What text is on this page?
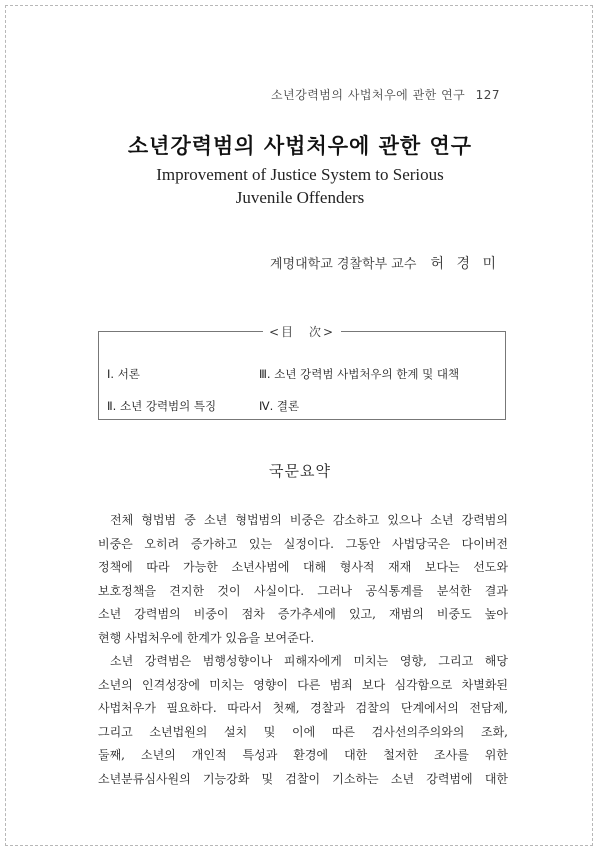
소년강력범의 사법처우에 관한 연구 127
소년강력범의 사법처우에 관한 연구
Improvement of Justice System to Serious
Juvenile Offenders
계명대학교 경찰학부 교수 허 경 미
<目　次>
Ⅰ. 서론	Ⅲ. 소년 강력범 사법처우의 한계 및 대책
Ⅱ. 소년 강력범의 특징	Ⅳ. 결론
국문요약
전체 형법범 중 소년 형법범의 비중은 감소하고 있으나 소년 강력범의
비중은 오히려 증가하고 있는 실정이다. 그동안 사법당국은 다이버전
정책에 따라 가능한 소년사범에 대해 형사적 재재 보다는 선도와
보호정책을 견지한 것이 사실이다. 그러나 공식통계를 분석한 결과
소년 강력범의 비중이 점차 증가추세에 있고, 재범의 비중도 높아
현행 사법처우에 한계가 있음을 보여준다.
소년 강력범은 범행성향이나 피해자에게 미치는 영향, 그리고 해당
소년의 인격성장에 미치는 영향이 다른 범죄 보다 심각함으로 차별화된
사법처우가 필요하다. 따라서 첫째, 경찰과 검찰의 단계에서의 전담제,
그리고 소년법원의 설치 및 이에 따른 검사선의주의와의 조화,
둘째, 소년의 개인적 특성과 환경에 대한 철저한 조사를 위한
소년분류심사원의 기능강화 및 검찰이 기소하는 소년 강력범에 대한
